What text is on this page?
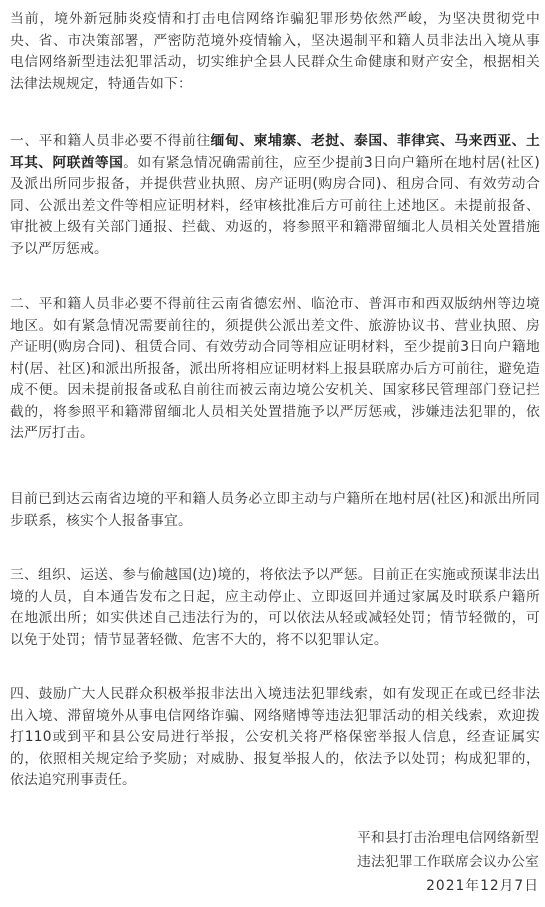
当前，境外新冠肺炎疫情和打击电信网络诈骗犯罪形势依然严峻，为坚决贯彻党中央、省、市决策部署，严密防范境外疫情输入，坚决遏制平和籍人员非法出入境从事电信网络新型违法犯罪活动，切实维护全县人民群众生命健康和财产安全，根据相关法律法规规定，特通告如下：

一、平和籍人员非必要不得前往缅甸、柬埔寨、老挝、泰国、菲律宾、马来西亚、土耳其、阿联酋等国。如有紧急情况确需前往，应至少提前3日向户籍所在地村居(社区)及派出所同步报备，并提供营业执照、房产证明(购房合同)、租房合同、有效劳动合同、公派出差文件等相应证明材料，经审核批准后方可前往上述地区。未提前报备、审批被上级有关部门通报、拦截、劝返的，将参照平和籍滞留缅北人员相关处置措施予以严厉惩戒。

二、平和籍人员非必要不得前往云南省德宏州、临沧市、普洱市和西双版纳州等边境地区。如有紧急情况需要前往的，须提供公派出差文件、旅游协议书、营业执照、房产证明(购房合同)、租赁合同、有效劳动合同等相应证明材料，至少提前3日向户籍地村(居、社区)和派出所报备，派出所将相应证明材料上报县联席办后方可前往，避免造成不便。因未提前报备或私自前往而被云南边境公安机关、国家移民管理部门登记拦截的，将参照平和籍滞留缅北人员相关处置措施予以严厉惩戒，涉嫌违法犯罪的，依法严厉打击。

目前已到达云南省边境的平和籍人员务必立即主动与户籍所在地村居(社区)和派出所同步联系，核实个人报备事宜。

三、组织、运送、参与偷越国(边)境的，将依法予以严惩。目前正在实施或预谋非法出境的人员，自本通告发布之日起，应主动停止、立即返回并通过家属及时联系户籍所在地派出所；如实供述自己违法行为的，可以依法从轻或减轻处罚；情节轻微的，可以免于处罚；情节显著轻微、危害不大的，将不以犯罪认定。

四、鼓励广大人民群众积极举报非法出入境违法犯罪线索，如有发现正在或已经非法出入境、滞留境外从事电信网络诈骗、网络赌博等违法犯罪活动的相关线索，欢迎拨打110或到平和县公安局进行举报，公安机关将严格保密举报人信息，经查证属实的，依照相关规定给予奖励；对威胁、报复举报人的，依法予以处罚；构成犯罪的，依法追究刑事责任。

平和县打击治理电信网络新型
违法犯罪工作联席会议办公室
2021年12月7日
